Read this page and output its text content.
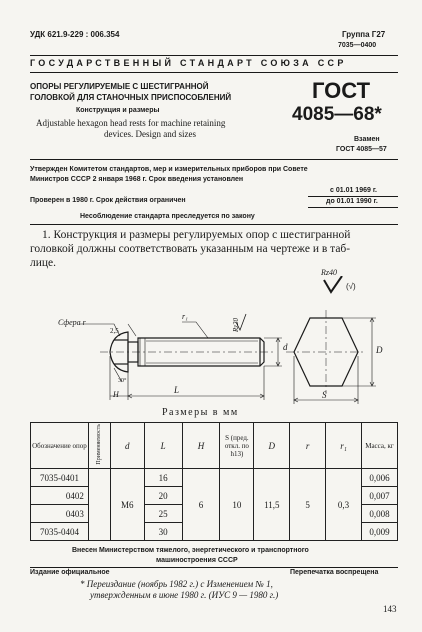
УДК 621.9-229 : 006.354	Группа Г27
7035—0400
ГОСУДАРСТВЕННЫЙ СТАНДАРТ СОЮЗА ССР
ОПОРЫ РЕГУЛИРУЕМЫЕ С ШЕСТИГРАННОЙ
ГОЛОВКОЙ ДЛЯ СТАНОЧНЫХ ПРИСПОСОБЛЕНИЙ
Конструкция и размеры
Adjustable hexagon head rests for machine retaining
devices. Design and sizes
ГОСТ
4085—68*
Взамен
ГОСТ 4085—57
Утвержден Комитетом стандартов, мер и измерительных приборов при Совете
Министров СССР 2 января 1968 г. Срок введения установлен
с 01.01 1969 г.
Проверен в 1980 г. Срок действия ограничен	до 01.01 1990 г.
Несоблюдение стандарта преследуется по закону
1. Конструкция и размеры регулируемых опор с шестигранной
головкой должны соответствовать указанным на чертеже и в таб-
лице.
Rz40
(√)
Сфера r
r₁
2,5	Rz20
d
30°
H	L
D
S
Размеры в мм
Обозначение опор	Применяемость	d	L	H	S (пред. откл. по h13)	D	r	r₁	Масса, кг
7035-0401		M6	16	6	10	11,5	5	0,3	0,006
0402			20						0,007
0403			25						0,008
7035-0404			30						0,009
Внесен Министерством тяжелого, энергетического и транспортного
машиностроения СССР
Издание официальное	Перепечатка воспрещена
* Переиздание (ноябрь 1982 г.) с Изменением № 1,
утвержденным в июне 1980 г. (ИУС 9 — 1980 г.)
143
